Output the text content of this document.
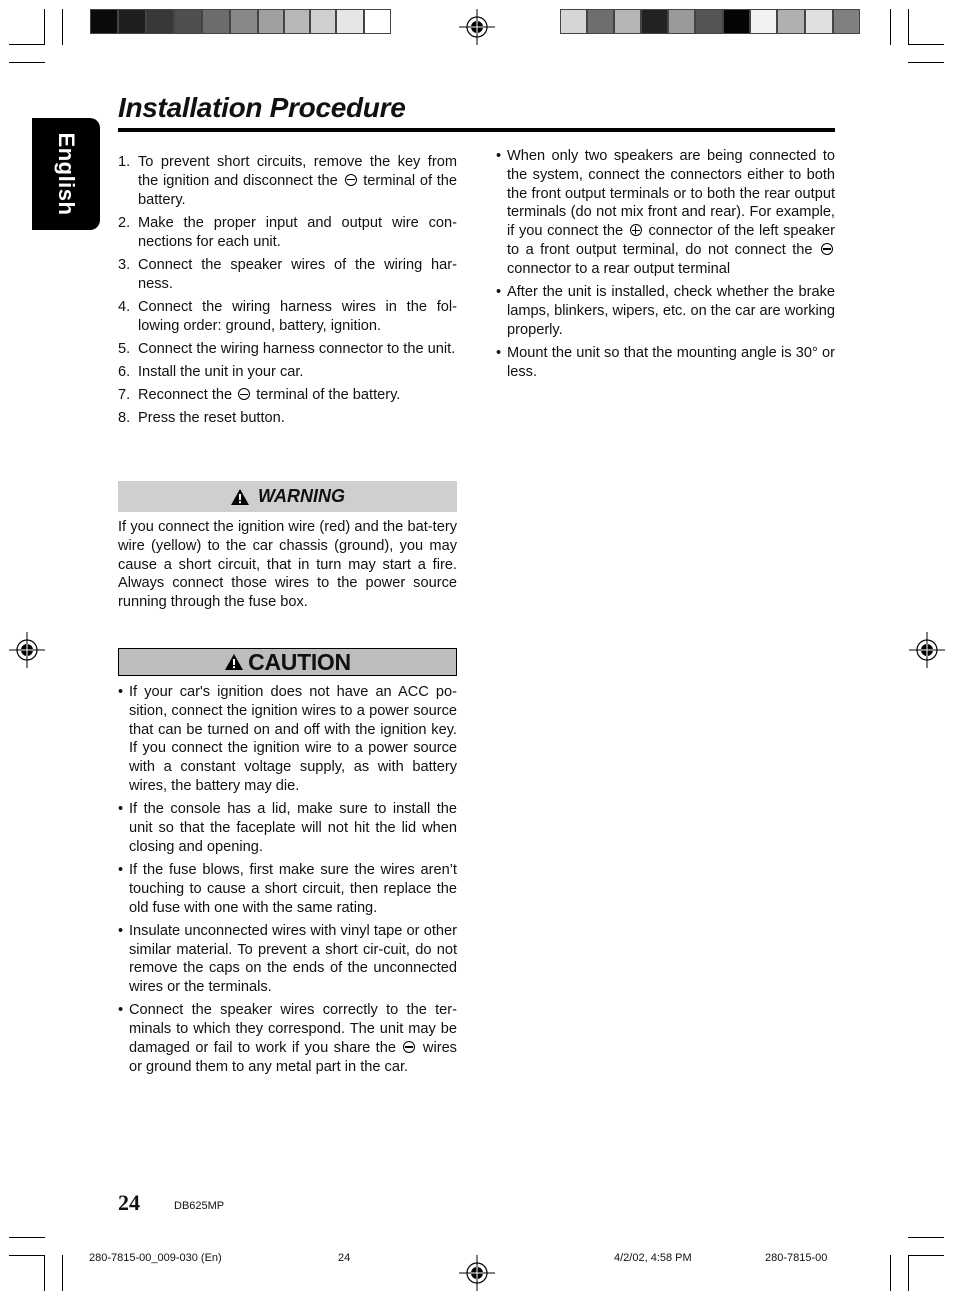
English
Installation Procedure
1. To prevent short circuits, remove the key from the ignition and disconnect the terminal of the battery.
2. Make the proper input and output wire con-nections for each unit.
3. Connect the speaker wires of the wiring har-ness.
4. Connect the wiring harness wires in the fol-lowing order: ground, battery, ignition.
5. Connect the wiring harness connector to the unit.
6. Install the unit in your car.
7. Reconnect the terminal of the battery.
8. Press the reset button.
WARNING
If you connect the ignition wire (red) and the bat-tery wire (yellow) to the car chassis (ground), you may cause a short circuit, that in turn may start a fire. Always connect those wires to the power source running through the fuse box.
CAUTION
• If your car's ignition does not have an ACC po-sition, connect the ignition wires to a power source that can be turned on and off with the ignition key. If you connect the ignition wire to a power source with a constant voltage supply, as with battery wires, the battery may die.
• If the console has a lid, make sure to install the unit so that the faceplate will not hit the lid when closing and opening.
• If the fuse blows, first make sure the wires aren’t touching to cause a short circuit, then replace the old fuse with one with the same rating.
• Insulate unconnected wires with vinyl tape or other similar material. To prevent a short cir-cuit, do not remove the caps on the ends of the unconnected wires or the terminals.
• Connect the speaker wires correctly to the ter-minals to which they correspond. The unit may be damaged or fail to work if you share the wires or ground them to any metal part in the car.
• When only two speakers are being connected to the system, connect the connectors either to both the front output terminals or to both the rear output terminals (do not mix front and rear). For example, if you connect the connector of the left speaker to a front output terminal, do not connect the  connector to a rear output terminal
• After the unit is installed, check whether the brake lamps, blinkers, wipers, etc. on the car are working properly.
• Mount the unit so that the mounting angle is 30° or less.
24	DB625MP
280-7815-00_009-030 (En)	24	4/2/02, 4:58 PM	280-7815-00
